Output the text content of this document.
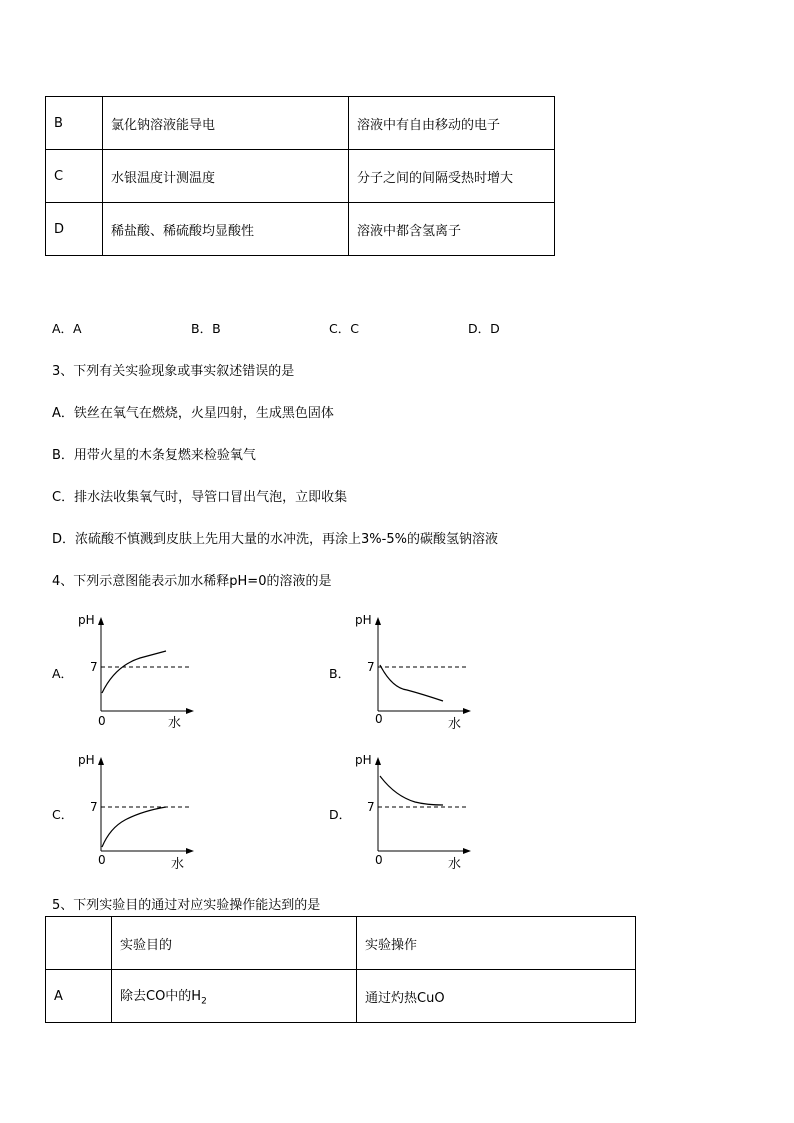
B	氯化钠溶液能导电	溶液中有自由移动的电子
C	水银温度计测温度	分子之间的间隔受热时增大
D	稀盐酸、稀硫酸均显酸性	溶液中都含氢离子
A．A	B．B	C．C	D．D
3、下列有关实验现象或事实叙述错误的是
A．铁丝在氧气在燃烧，火星四射，生成黑色固体
B．用带火星的木条复燃来检验氧气
C．排水法收集氧气时，导管口冒出气泡，立即收集
D．浓硫酸不慎溅到皮肤上先用大量的水冲洗，再涂上3%-5%的碳酸氢钠溶液
4、下列示意图能表示加水稀释pH=0的溶液的是
A．
pH
7
0	水
B．
pH
7
0	水
C．
pH
7
0	水
D．
pH
7
0	水
5、下列实验目的通过对应实验操作能达到的是
	实验目的	实验操作
A	除去CO中的$H_2$	通过灼热CuO
